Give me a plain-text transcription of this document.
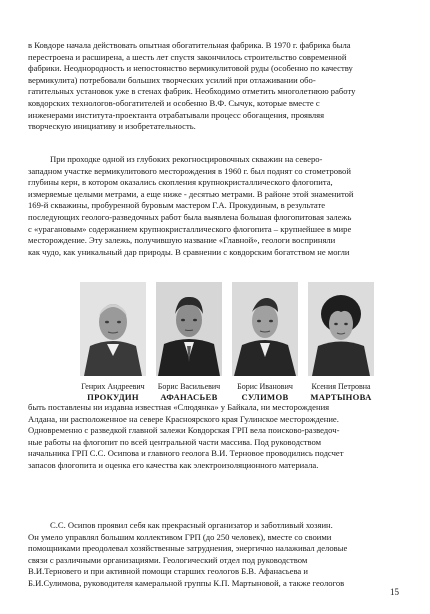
в Ковдоре начала действовать опытная обогатительная фабрика. В 1970 г. фабрика была
перестроена и расширена, а шесть лет спустя закончилось строительство современной
фабрики. Неоднородность и непостоянство вермикулитовой руды (особенно по качеству
вермикулита) потребовали больших творческих усилий при отлаживании обо-
гатительных установок уже в стенах фабрик. Необходимо отметить многолетнюю работу
ковдорских технологов-обогатителей и особенно В.Ф. Сычук, которые вместе с
инженерами института-проектанта отрабатывали процесс обогащения, проявляя
творческую инициативу и изобретательность.

При проходке одной из глубоких рекогносцировочных скважин на северо-
западном участке вермикулитового месторождения в 1960 г. был поднят со стометровой
глубины керн, в котором оказались скопления крупнокристаллического флогопита,
измеряемые целыми метрами, а еще ниже - десятью метрами. В районе этой знаменитой
169-й скважины, пробуренной буровым мастером Г.А. Прокудиным, в результате
последующих геолого-разведочных работ была выявлена большая флогопитовая залежь
с «урагановым» содержанием крупнокристаллического флогопита – крупнейшее в мире
месторождение. Эту залежь, получившую название «Главной», геологи восприняли
как чудо, как уникальный дар природы. В сравнении с ковдорским богатством не могли

Генрих Андреевич
ПРОКУДИН
Борис Васильевич
АФАНАСЬЕВ
Борис Иванович
СУЛИМОВ
Ксения Петровна
МАРТЫНОВА

быть поставлены ни издавна известная «Слюдянка» у Байкала, ни месторождения
Алдана, ни расположенное на севере Красноярского края Гулинское месторождение.
Одновременно с разведкой главной залежи Ковдорская ГРП вела поисково-разведоч-
ные работы на флогопит по всей центральной части массива. Под руководством
начальника ГРП С.С. Осипова и главного геолога В.И. Терновое проводились подсчет
запасов флогопита и оценка его качества как электроизоляционного материала.

С.С. Осипов проявил себя как прекрасный организатор и заботливый хозяин.
Он умело управлял большим коллективом ГРП (до 250 человек), вместе со своими
помощниками преодолевал хозяйственные затруднения, энергично налаживал деловые
связи с различными организациями. Геологический отдел под руководством
В.И.Терновего и при активной помощи старших геологов Б.В. Афанасьева и
Б.И.Сулимова, руководителя камеральной группы К.П. Мартыновой, а также геологов

15
